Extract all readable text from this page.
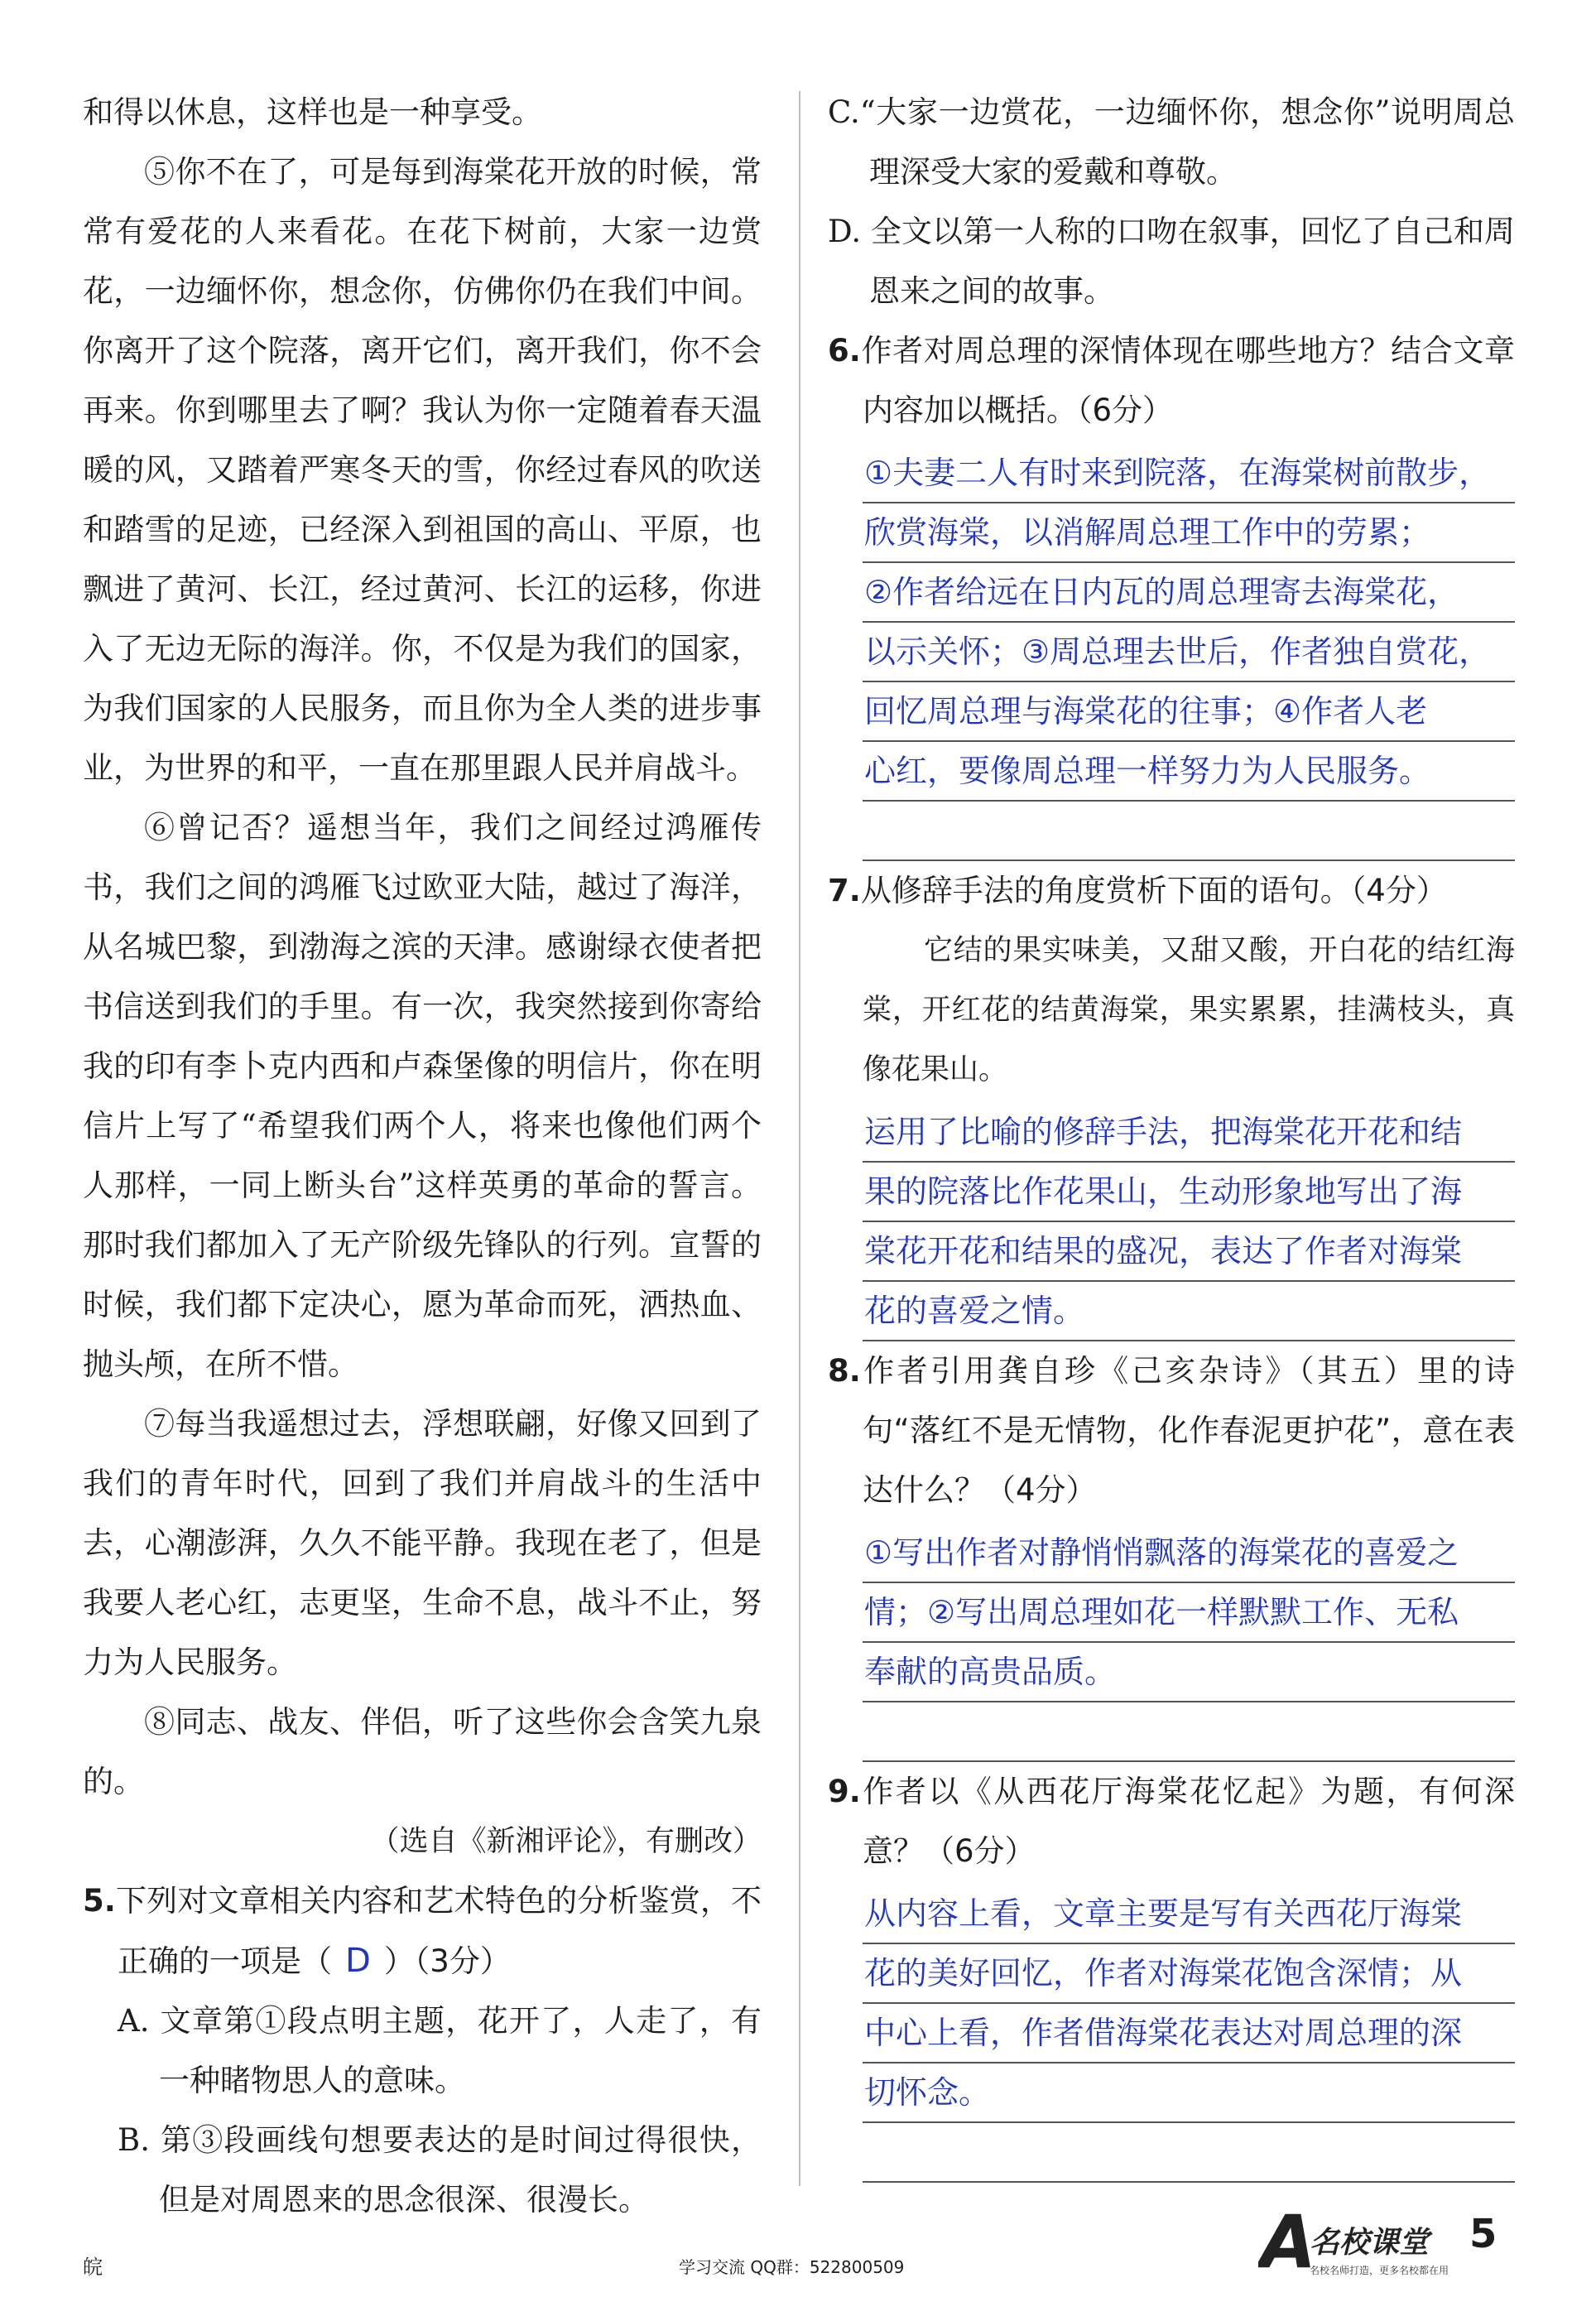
和得以休息，这样也是一种享受。

⑤你不在了，可是每到海棠花开放的时候，常常有爱花的人来看花。在花下树前，大家一边赏花，一边缅怀你，想念你，仿佛你仍在我们中间。你离开了这个院落，离开它们，离开我们，你不会再来。你到哪里去了啊？我认为你一定随着春天温暖的风，又踏着严寒冬天的雪，你经过春风的吹送和踏雪的足迹，已经深入到祖国的高山、平原，也飘进了黄河、长江，经过黄河、长江的运移，你进入了无边无际的海洋。你，不仅是为我们的国家，为我们国家的人民服务，而且你为全人类的进步事业，为世界的和平，一直在那里跟人民并肩战斗。

⑥曾记否？遥想当年，我们之间经过鸿雁传书，我们之间的鸿雁飞过欧亚大陆，越过了海洋，从名城巴黎，到渤海之滨的天津。感谢绿衣使者把书信送到我们的手里。有一次，我突然接到你寄给我的印有李卜克内西和卢森堡像的明信片，你在明信片上写了“希望我们两个人，将来也像他们两个人那样，一同上断头台”这样英勇的革命的誓言。那时我们都加入了无产阶级先锋队的行列。宣誓的时候，我们都下定决心，愿为革命而死，洒热血、抛头颅，在所不惜。

⑦每当我遥想过去，浮想联翩，好像又回到了我们的青年时代，回到了我们并肩战斗的生活中去，心潮澎湃，久久不能平静。我现在老了，但是我要人老心红，志更坚，生命不息，战斗不止，努力为人民服务。

⑧同志、战友、伴侣，听了这些你会含笑九泉的。

（选自《新湘评论》，有删改）

5.下列对文章相关内容和艺术特色的分析鉴赏，不正确的一项是（ D ）（3分）

A. 文章第①段点明主题，花开了，人走了，有一种睹物思人的意味。

B. 第③段画线句想要表达的是时间过得很快，但是对周恩来的思念很深、很漫长。

C.“大家一边赏花，一边缅怀你，想念你”说明周总理深受大家的爱戴和尊敬。

D. 全文以第一人称的口吻在叙事，回忆了自己和周恩来之间的故事。

6.作者对周总理的深情体现在哪些地方？结合文章内容加以概括。（6分）

①夫妻二人有时来到院落，在海棠树前散步，
欣赏海棠，以消解周总理工作中的劳累；
②作者给远在日内瓦的周总理寄去海棠花，
以示关怀；③周总理去世后，作者独自赏花，
回忆周总理与海棠花的往事；④作者人老
心红，要像周总理一样努力为人民服务。

7.从修辞手法的角度赏析下面的语句。（4分）

它结的果实味美，又甜又酸，开白花的结红海棠，开红花的结黄海棠，果实累累，挂满枝头，真像花果山。

运用了比喻的修辞手法，把海棠花开花和结
果的院落比作花果山，生动形象地写出了海
棠花开花和结果的盛况，表达了作者对海棠
花的喜爱之情。

8.作者引用龚自珍《己亥杂诗》（其五）里的诗句“落红不是无情物，化作春泥更护花”，意在表达什么？（4分）

①写出作者对静悄悄飘落的海棠花的喜爱之
情；②写出周总理如花一样默默工作、无私
奉献的高贵品质。

9.作者以《从西花厅海棠花忆起》为题，有何深意？（6分）

从内容上看，文章主要是写有关西花厅海棠
花的美好回忆，作者对海棠花饱含深情；从
中心上看，作者借海棠花表达对周总理的深
切怀念。
皖	学习交流 QQ群：522800509	A
名校课堂
名校名师打造，更多名校都在用
5
